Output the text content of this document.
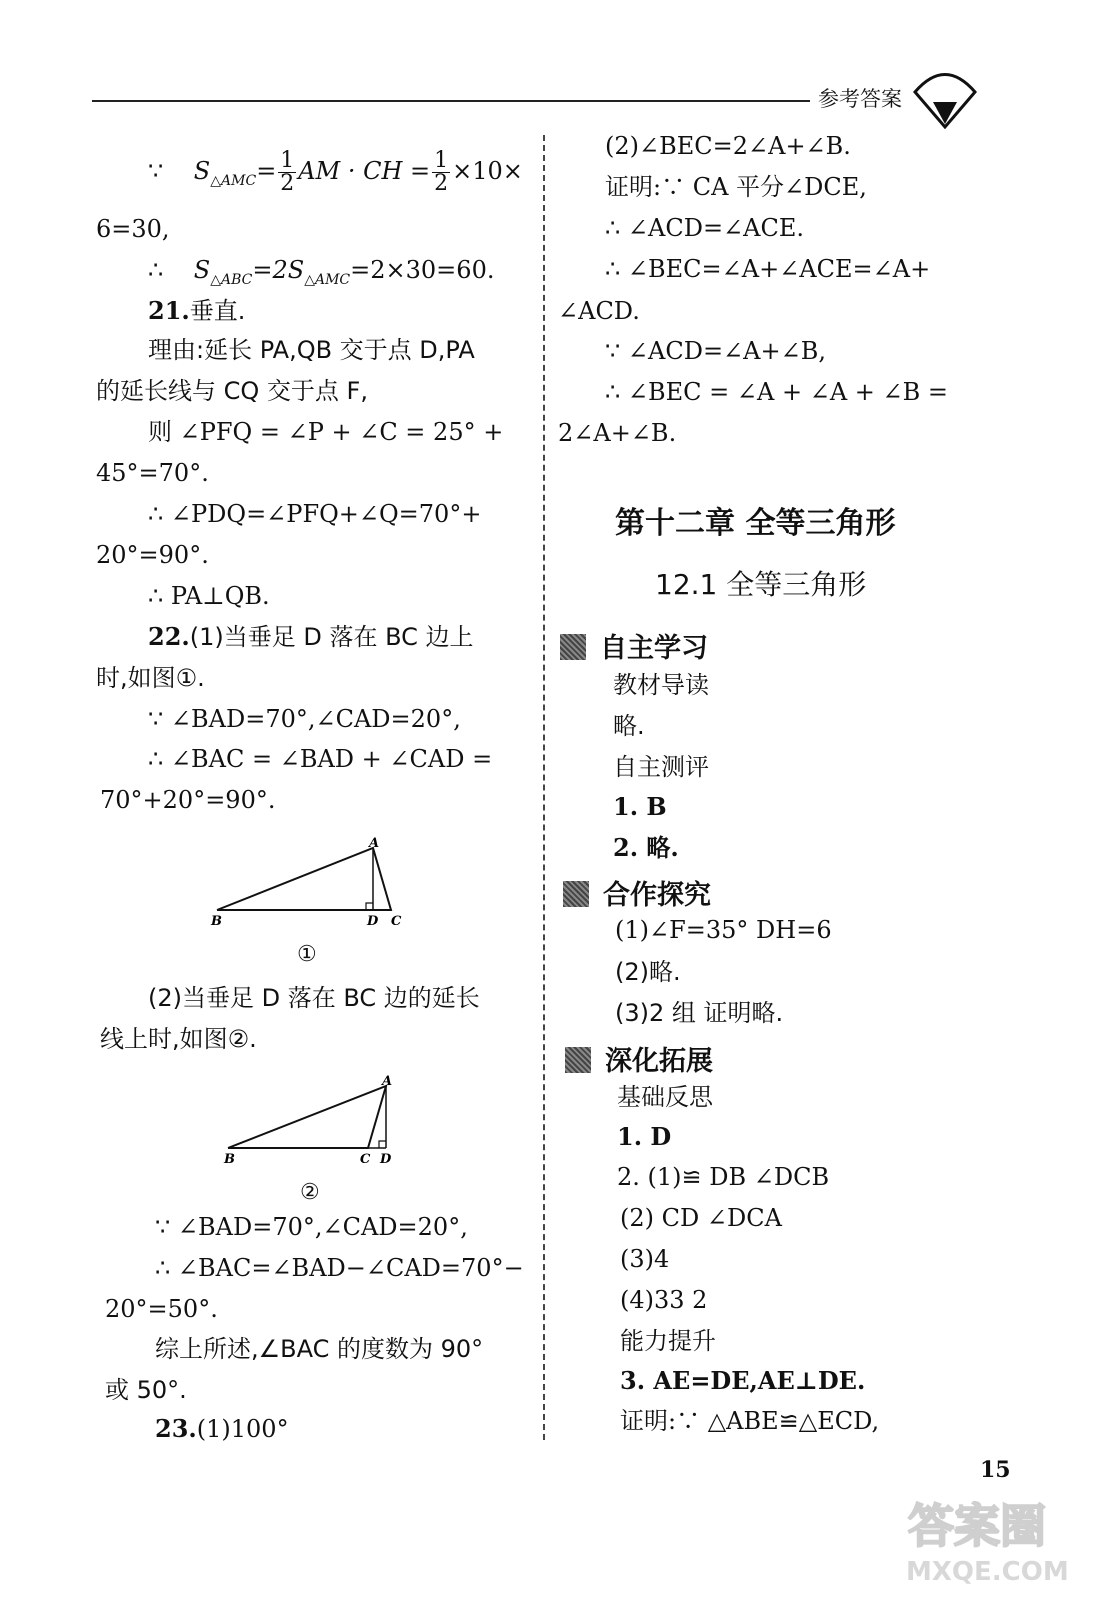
参考答案
∵ $S_{\triangle AMC}= \frac{1}{2}$ AM · CH = $\frac{1}{2} \times 10\times$
6=30,
∴ $S_{\triangle ABC}=2S_{\triangle AMC}=2\times 30=60$.
21.垂直.
理由:延长 PA,QB 交于点 D,PA
的延长线与 CQ 交于点 F,
则 ∠PFQ = ∠P + ∠C = 25° +
45°=70°.
∴ ∠PDQ=∠PFQ+∠Q=70°+
20°=90°.
∴ PA⊥QB.
22.(1)当垂足 D 落在 BC 边上
时,如图①.
∵ ∠BAD=70°,∠CAD=20°,
∴ ∠BAC = ∠BAD + ∠CAD =
70°+20°=90°.
A
B	D C
①
(2)当垂足 D 落在 BC 边的延长
线上时,如图②.
A
B	C D
②
∵ ∠BAD=70°,∠CAD=20°,
∴ ∠BAC=∠BAD−∠CAD=70°−
20°=50°.
综上所述,∠BAC 的度数为 90°
或 50°.
23.(1)100°
(2)∠BEC=2∠A+∠B.
证明:∵ CA 平分∠DCE,
∴ ∠ACD=∠ACE.
∴ ∠BEC=∠A+∠ACE=∠A+
∠ACD.
∵ ∠ACD=∠A+∠B,
∴ ∠BEC = ∠A + ∠A + ∠B =
2∠A+∠B.
第十二章 全等三角形
12.1 全等三角形
自主学习
教材导读
略.
自主测评
1. B
2. 略.
合作探究
(1)∠F=35° DH=6
(2)略.
(3)2 组 证明略.
深化拓展
基础反思
1. D
2. (1)≌ DB ∠DCB
(2) CD ∠DCA
(3)4
(4)33 2
能力提升
3. AE=DE,AE⊥DE.
证明:∵ △ABE≌△ECD,
15
答案圈
MXQE.COM
